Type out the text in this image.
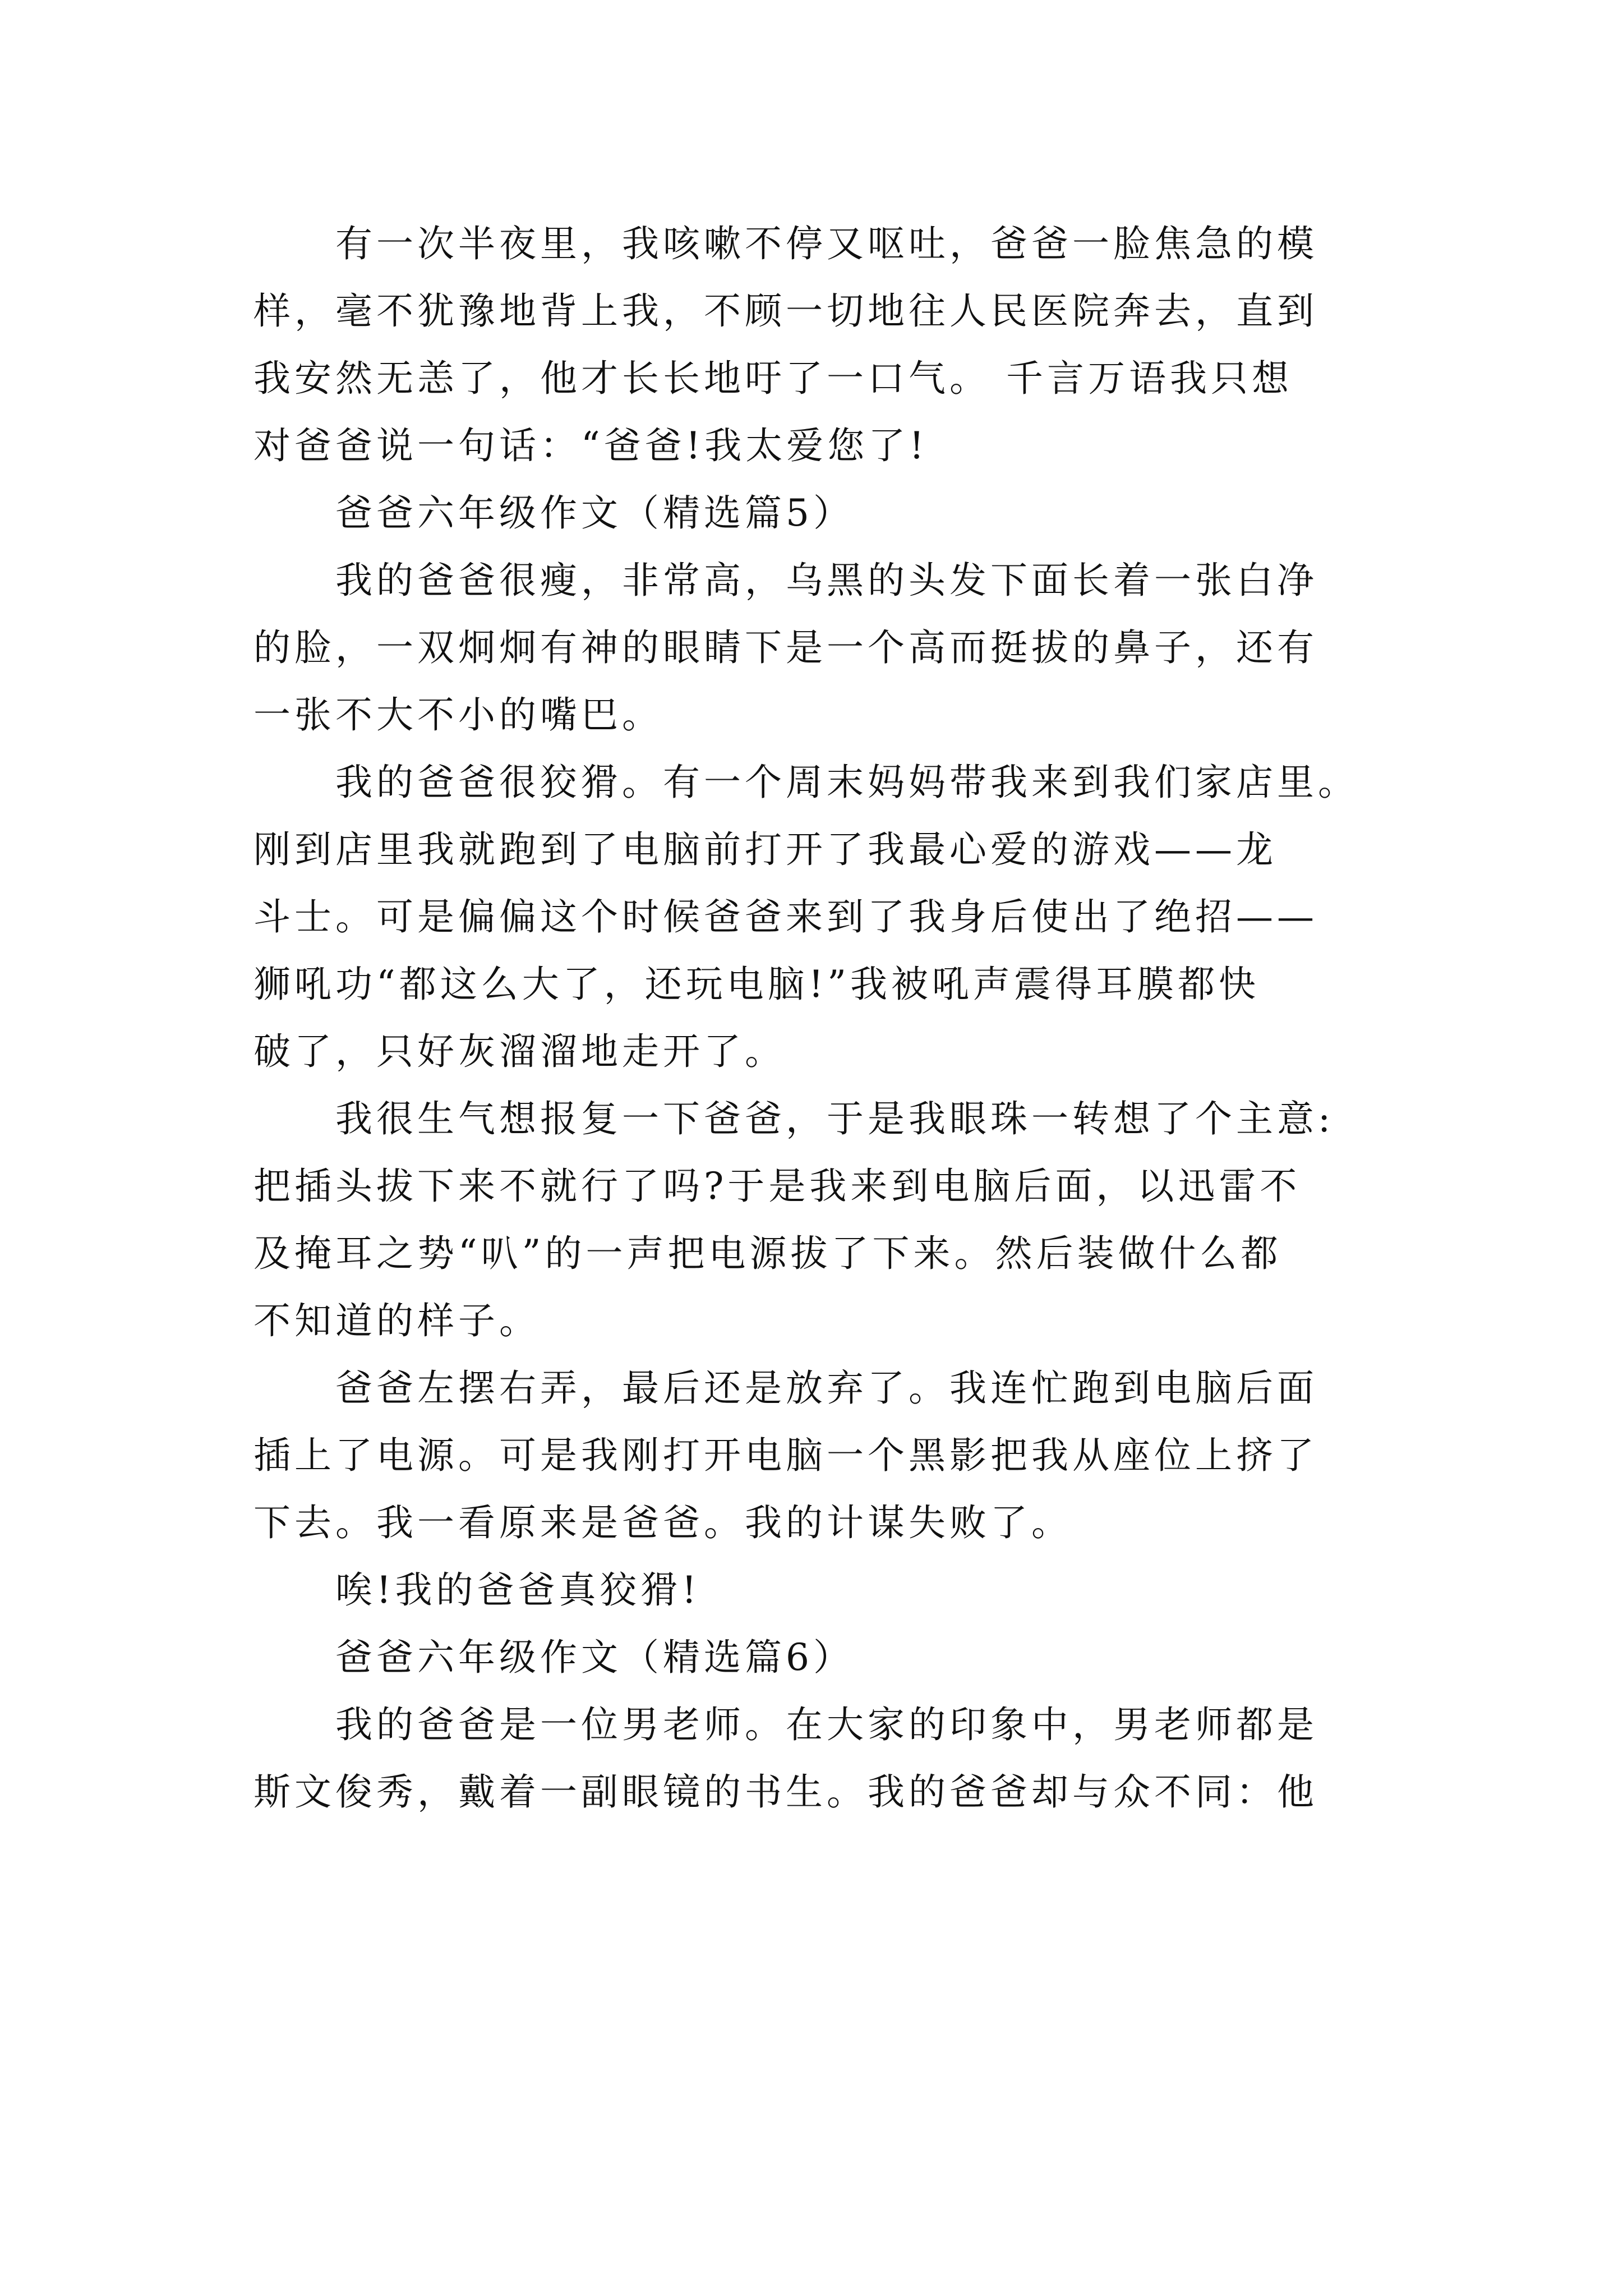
有一次半夜里，我咳嗽不停又呕吐，爸爸一脸焦急的模
样，毫不犹豫地背上我，不顾一切地往人民医院奔去，直到
我安然无恙了，他才长长地吁了一口气。 千言万语我只想
对爸爸说一句话：“爸爸!我太爱您了!
爸爸六年级作文（精选篇5）
我的爸爸很瘦，非常高，乌黑的头发下面长着一张白净
的脸，一双炯炯有神的眼睛下是一个高而挺拔的鼻子，还有
一张不大不小的嘴巴。
我的爸爸很狡猾。有一个周末妈妈带我来到我们家店里。
刚到店里我就跑到了电脑前打开了我最心爱的游戏——龙
斗士。可是偏偏这个时候爸爸来到了我身后使出了绝招——
狮吼功“都这么大了，还玩电脑!”我被吼声震得耳膜都快
破了，只好灰溜溜地走开了。
我很生气想报复一下爸爸，于是我眼珠一转想了个主意:
把插头拔下来不就行了吗?于是我来到电脑后面，以迅雷不
及掩耳之势“叭”的一声把电源拔了下来。然后装做什么都
不知道的样子。
爸爸左摆右弄，最后还是放弃了。我连忙跑到电脑后面
插上了电源。可是我刚打开电脑一个黑影把我从座位上挤了
下去。我一看原来是爸爸。我的计谋失败了。
唉!我的爸爸真狡猾!
爸爸六年级作文（精选篇6）
我的爸爸是一位男老师。在大家的印象中，男老师都是
斯文俊秀，戴着一副眼镜的书生。我的爸爸却与众不同：他
